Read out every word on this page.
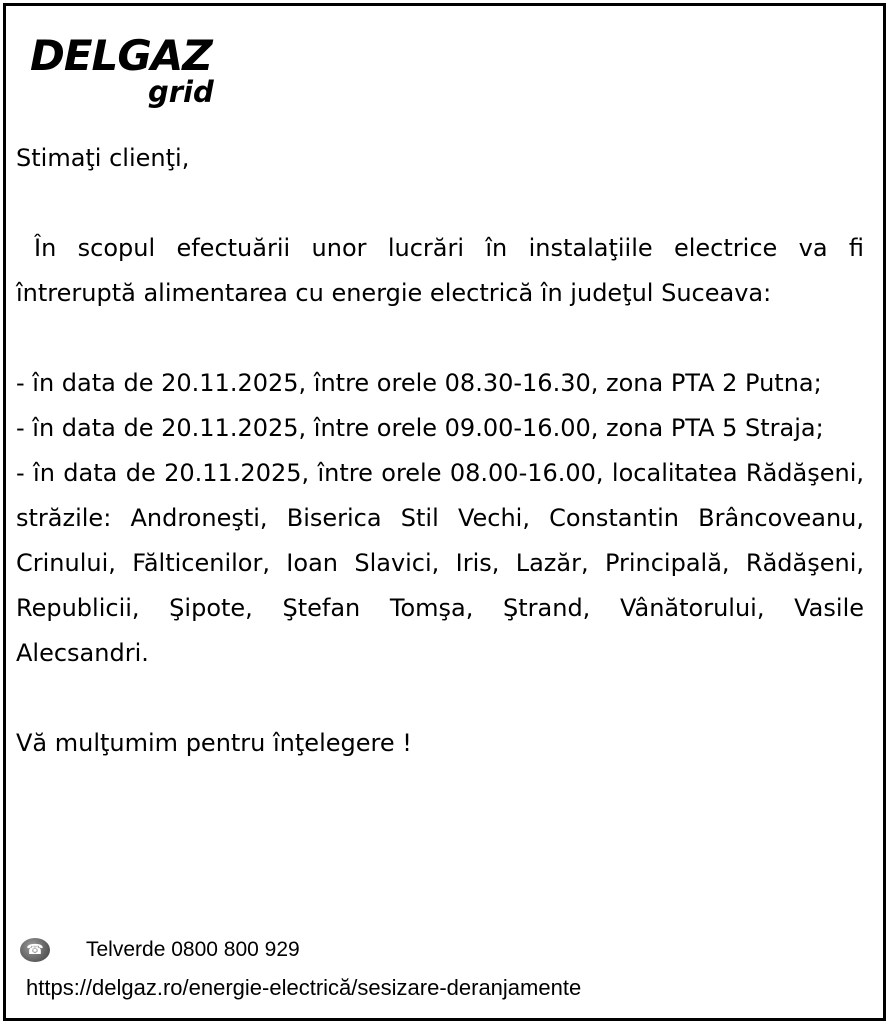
DELGAZ
grid

Stimaţi clienţi,

În scopul efectuării unor lucrări în instalaţiile electrice va fi întreruptă alimentarea cu energie electrică în judeţul Suceava:

- în data de 20.11.2025, între orele 08.30-16.30, zona PTA 2 Putna;

- în data de 20.11.2025, între orele 09.00-16.00, zona PTA 5 Straja;

- în data de 20.11.2025, între orele 08.00-16.00, localitatea Rădăşeni, străzile: Androneşti, Biserica Stil Vechi, Constantin Brâncoveanu, Crinului, Fălticenilor, Ioan Slavici, Iris, Lazăr, Principală, Rădăşeni, Republicii, Şipote, Ştefan Tomşa, Ştrand, Vânătorului, Vasile Alecsandri.

Vă mulţumim pentru înţelegere !

☎ Telverde 0800 800 929
https://delgaz.ro/energie-electrică/sesizare-deranjamente
